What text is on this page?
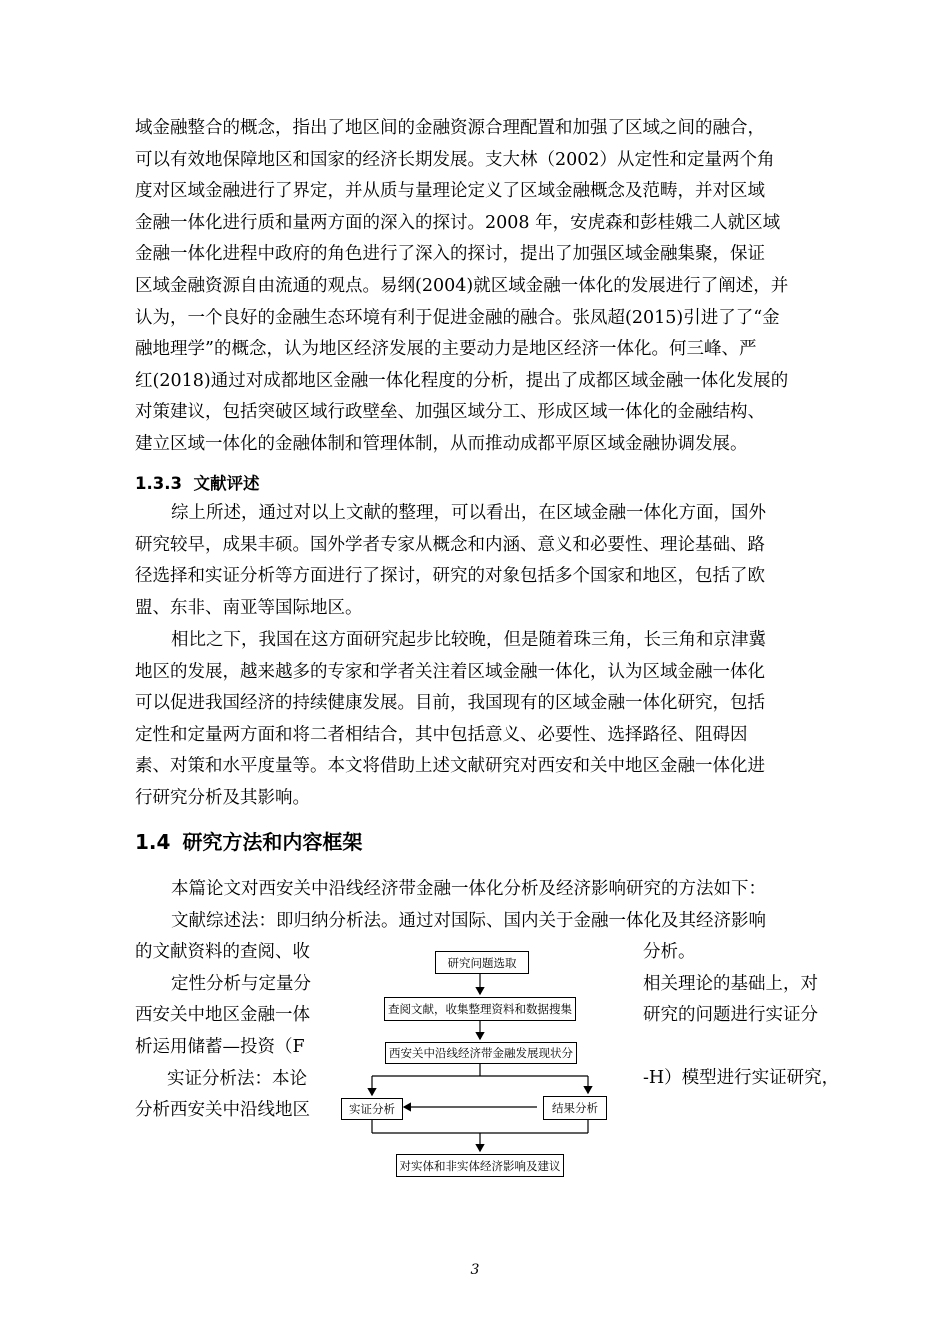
域金融整合的概念，指出了地区间的金融资源合理配置和加强了区域之间的融合，
可以有效地保障地区和国家的经济长期发展。支大林（2002）从定性和定量两个角
度对区域金融进行了界定，并从质与量理论定义了区域金融概念及范畴，并对区域
金融一体化进行质和量两方面的深入的探讨。2008 年，安虎森和彭桂娥二人就区域
金融一体化进程中政府的角色进行了深入的探讨，提出了加强区域金融集聚，保证
区域金融资源自由流通的观点。易纲(2004)就区域金融一体化的发展进行了阐述，并
认为，一个良好的金融生态环境有利于促进金融的融合。张凤超(2015)引进了了“金
融地理学”的概念，认为地区经济发展的主要动力是地区经济一体化。何三峰、严
红(2018)通过对成都地区金融一体化程度的分析，提出了成都区域金融一体化发展的
对策建议，包括突破区域行政壁垒、加强区域分工、形成区域一体化的金融结构、
建立区域一体化的金融体制和管理体制，从而推动成都平原区域金融协调发展。
1.3.3 文献评述
综上所述，通过对以上文献的整理，可以看出，在区域金融一体化方面，国外
研究较早，成果丰硕。国外学者专家从概念和内涵、意义和必要性、理论基础、路
径选择和实证分析等方面进行了探讨，研究的对象包括多个国家和地区，包括了欧
盟、东非、南亚等国际地区。
相比之下，我国在这方面研究起步比较晚，但是随着珠三角，长三角和京津冀
地区的发展，越来越多的专家和学者关注着区域金融一体化，认为区域金融一体化
可以促进我国经济的持续健康发展。目前，我国现有的区域金融一体化研究，包括
定性和定量两方面和将二者相结合，其中包括意义、必要性、选择路径、阻碍因
素、对策和水平度量等。本文将借助上述文献研究对西安和关中地区金融一体化进
行研究分析及其影响。
1.4 研究方法和内容框架
本篇论文对西安关中沿线经济带金融一体化分析及经济影响研究的方法如下：
文献综述法：即归纳分析法。通过对国际、国内关于金融一体化及其经济影响
的文献资料的查阅、收
定性分析与定量分
西安关中地区金融一体
析运用储蓄—投资（F
实证分析法：本论
分析西安关中沿线地区
分析。
相关理论的基础上，对
研究的问题进行实证分
-H）模型进行实证研究，
研究问题选取
查阅文献，收集整理资料和数据搜集
西安关中沿线经济带金融发展现状分
实证分析	结果分析
对实体和非实体经济影响及建议
3
